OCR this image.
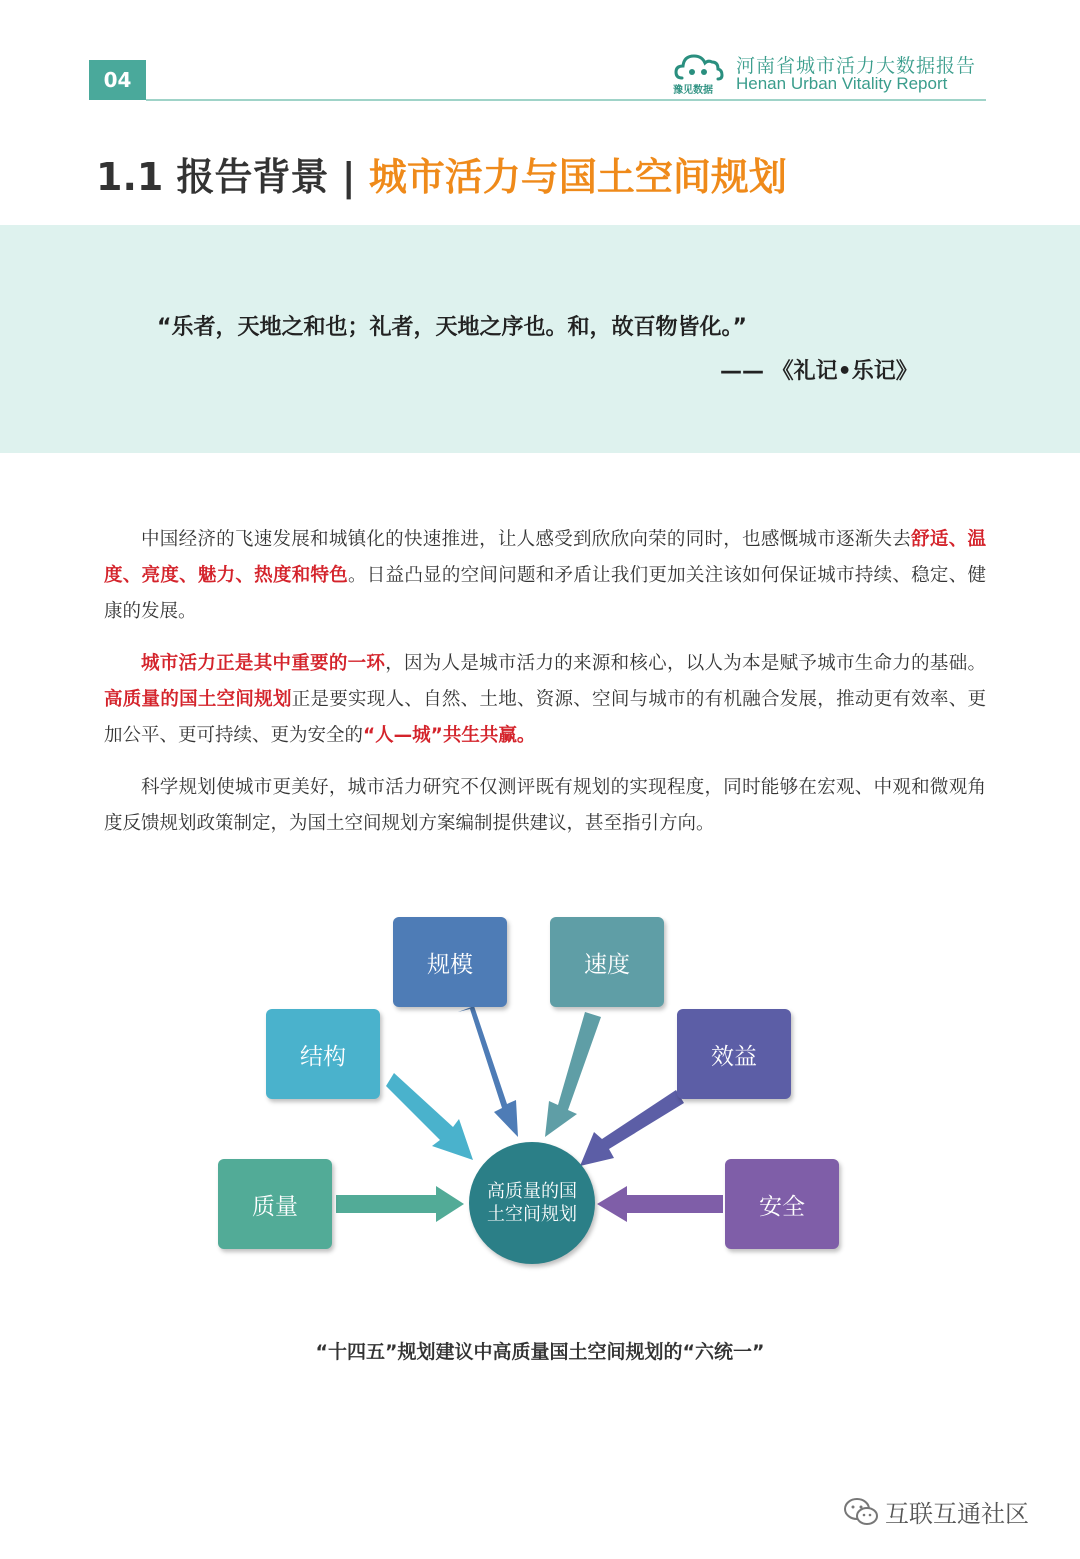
04	豫见数据
河南省城市活力大数据报告
Henan Urban Vitality Report
1.1 报告背景 | 城市活力与国土空间规划
“乐者，天地之和也；礼者，天地之序也。和，故百物皆化。”
—— 《礼记•乐记》

中国经济的飞速发展和城镇化的快速推进，让人感受到欣欣向荣的同时，也感慨城市逐渐失去舒适、温度、亮度、魅力、热度和特色。日益凸显的空间问题和矛盾让我们更加关注该如何保证城市持续、稳定、健康的发展。

城市活力正是其中重要的一环，因为人是城市活力的来源和核心，以人为本是赋予城市生命力的基础。高质量的国土空间规划正是要实现人、自然、土地、资源、空间与城市的有机融合发展，推动更有效率、更加公平、更可持续、更为安全的“人—城”共生共赢。

科学规划使城市更美好，城市活力研究不仅测评既有规划的实现程度，同时能够在宏观、中观和微观角度反馈规划政策制定，为国土空间规划方案编制提供建议，甚至指引方向。

规模	速度
结构	效益
质量	安全
高质量的国土空间规划
“十四五”规划建议中高质量国土空间规划的“六统一”
互联互通社区
